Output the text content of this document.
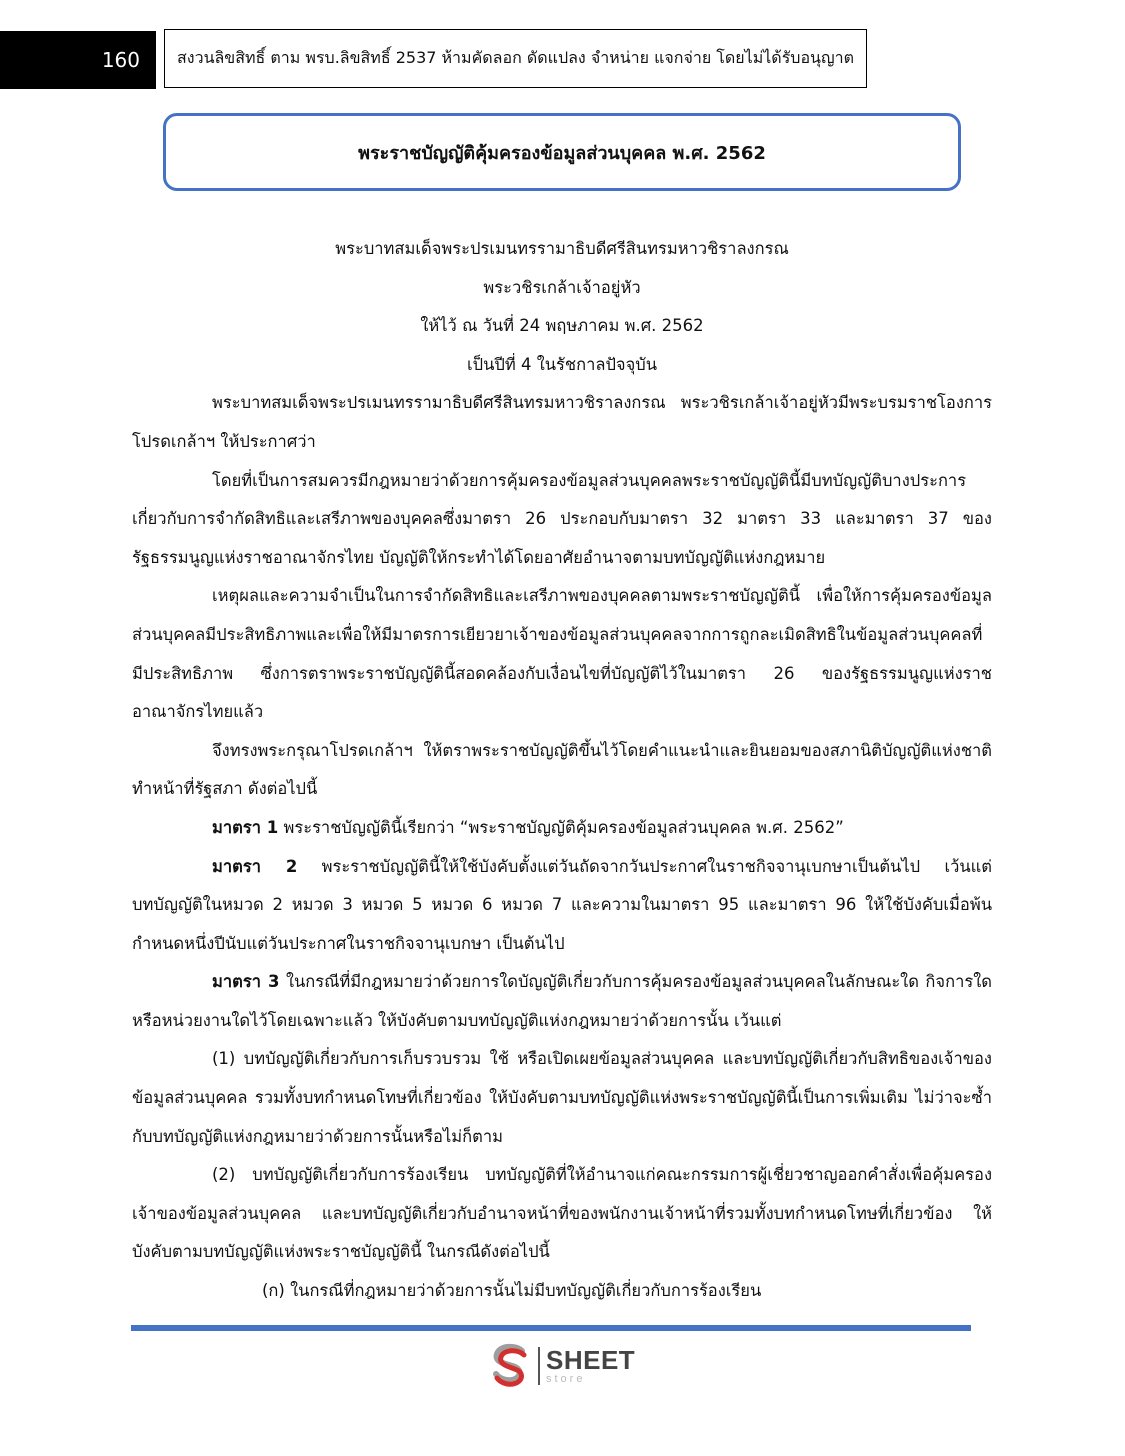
160	สงวนลิขสิทธิ์ ตาม พรบ.ลิขสิทธิ์ 2537 ห้ามคัดลอก ดัดแปลง จำหน่าย แจกจ่าย โดยไม่ได้รับอนุญาต
พระราชบัญญัติคุ้มครองข้อมูลส่วนบุคคล พ.ศ. 2562

พระบาทสมเด็จพระปรเมนทรรามาธิบดีศรีสินทรมหาวชิราลงกรณ

พระวชิรเกล้าเจ้าอยู่หัว

ให้ไว้ ณ วันที่ 24 พฤษภาคม พ.ศ. 2562

เป็นปีที่ 4 ในรัชกาลปัจจุบัน

พระบาทสมเด็จพระปรเมนทรรามาธิบดีศรีสินทรมหาวชิราลงกรณ พระวชิรเกล้าเจ้าอยู่หัวมีพระบรมราชโองการโปรดเกล้าฯ ให้ประกาศว่า

โดยที่เป็นการสมควรมีกฎหมายว่าด้วยการคุ้มครองข้อมูลส่วนบุคคลพระราชบัญญัตินี้มีบทบัญญัติบางประการเกี่ยวกับการจำกัดสิทธิและเสรีภาพของบุคคลซึ่งมาตรา 26 ประกอบกับมาตรา 32 มาตรา 33 และมาตรา 37 ของรัฐธรรมนูญแห่งราชอาณาจักรไทย บัญญัติให้กระทำได้โดยอาศัยอำนาจตามบทบัญญัติแห่งกฎหมาย

เหตุผลและความจำเป็นในการจำกัดสิทธิและเสรีภาพของบุคคลตามพระราชบัญญัตินี้ เพื่อให้การคุ้มครองข้อมูลส่วนบุคคลมีประสิทธิภาพและเพื่อให้มีมาตรการเยียวยาเจ้าของข้อมูลส่วนบุคคลจากการถูกละเมิดสิทธิในข้อมูลส่วนบุคคลที่มีประสิทธิภาพ ซึ่งการตราพระราชบัญญัตินี้สอดคล้องกับเงื่อนไขที่บัญญัติไว้ในมาตรา 26 ของรัฐธรรมนูญแห่งราชอาณาจักรไทยแล้ว

จึงทรงพระกรุณาโปรดเกล้าฯ ให้ตราพระราชบัญญัติขึ้นไว้โดยคำแนะนำและยินยอมของสภานิติบัญญัติแห่งชาติทำหน้าที่รัฐสภา ดังต่อไปนี้

มาตรา 1 พระราชบัญญัตินี้เรียกว่า “พระราชบัญญัติคุ้มครองข้อมูลส่วนบุคคล พ.ศ. 2562”

มาตรา 2 พระราชบัญญัตินี้ให้ใช้บังคับตั้งแต่วันถัดจากวันประกาศในราชกิจจานุเบกษาเป็นต้นไป เว้นแต่บทบัญญัติในหมวด 2 หมวด 3 หมวด 5 หมวด 6 หมวด 7 และความในมาตรา 95 และมาตรา 96 ให้ใช้บังคับเมื่อพ้นกำหนดหนึ่งปีนับแต่วันประกาศในราชกิจจานุเบกษา เป็นต้นไป

มาตรา 3 ในกรณีที่มีกฎหมายว่าด้วยการใดบัญญัติเกี่ยวกับการคุ้มครองข้อมูลส่วนบุคคลในลักษณะใด กิจการใด หรือหน่วยงานใดไว้โดยเฉพาะแล้ว ให้บังคับตามบทบัญญัติแห่งกฎหมายว่าด้วยการนั้น เว้นแต่

(1) บทบัญญัติเกี่ยวกับการเก็บรวบรวม ใช้ หรือเปิดเผยข้อมูลส่วนบุคคล และบทบัญญัติเกี่ยวกับสิทธิของเจ้าของข้อมูลส่วนบุคคล รวมทั้งบทกำหนดโทษที่เกี่ยวข้อง ให้บังคับตามบทบัญญัติแห่งพระราชบัญญัตินี้เป็นการเพิ่มเติม ไม่ว่าจะซ้ำกับบทบัญญัติแห่งกฎหมายว่าด้วยการนั้นหรือไม่ก็ตาม

(2) บทบัญญัติเกี่ยวกับการร้องเรียน บทบัญญัติที่ให้อำนาจแก่คณะกรรมการผู้เชี่ยวชาญออกคำสั่งเพื่อคุ้มครองเจ้าของข้อมูลส่วนบุคคล และบทบัญญัติเกี่ยวกับอำนาจหน้าที่ของพนักงานเจ้าหน้าที่รวมทั้งบทกำหนดโทษที่เกี่ยวข้อง ให้บังคับตามบทบัญญัติแห่งพระราชบัญญัตินี้ ในกรณีดังต่อไปนี้

(ก) ในกรณีที่กฎหมายว่าด้วยการนั้นไม่มีบทบัญญัติเกี่ยวกับการร้องเรียน

SHEET
store
